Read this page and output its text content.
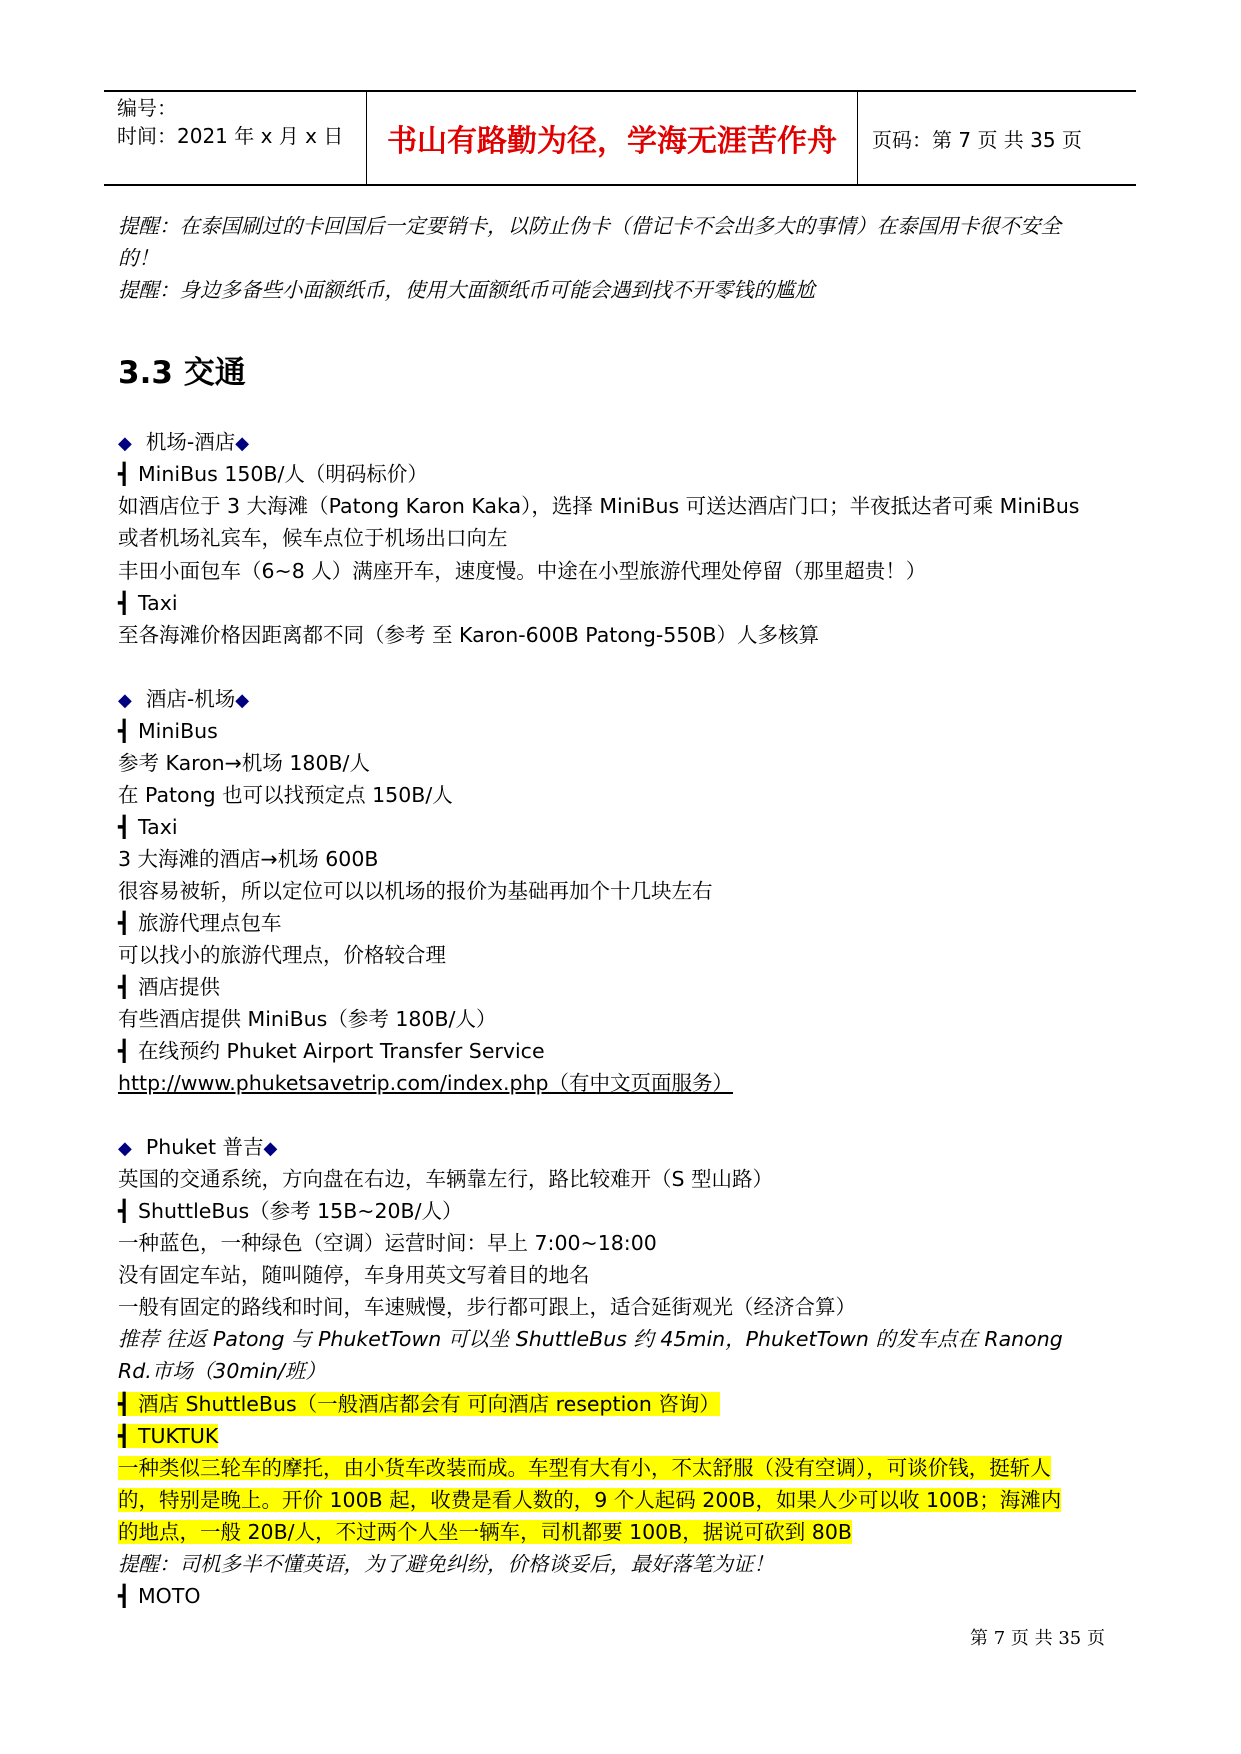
编号：
时间：2021 年 x 月 x 日	书山有路勤为径，学海无涯苦作舟	页码：第 7 页 共 35 页
提醒：在泰国刷过的卡回国后一定要销卡，以防止伪卡（借记卡不会出多大的事情）在泰国用卡很不安全
的！
提醒：身边多备些小面额纸币，使用大面额纸币可能会遇到找不开零钱的尴尬
3.3 交通
◆ 机场-酒店◆
┫ MiniBus 150B/人（明码标价）
如酒店位于 3 大海滩（Patong Karon Kaka），选择 MiniBus 可送达酒店门口；半夜抵达者可乘 MiniBus
或者机场礼宾车，候车点位于机场出口向左
丰田小面包车（6~8 人）满座开车，速度慢。中途在小型旅游代理处停留（那里超贵！）
┫ Taxi
至各海滩价格因距离都不同（参考 至 Karon-600B Patong-550B）人多核算
◆ 酒店-机场◆
┫ MiniBus
参考 Karon→机场 180B/人
在 Patong 也可以找预定点 150B/人
┫ Taxi
3 大海滩的酒店→机场 600B
很容易被斩，所以定位可以以机场的报价为基础再加个十几块左右
┫ 旅游代理点包车
可以找小的旅游代理点，价格较合理
┫ 酒店提供
有些酒店提供 MiniBus（参考 180B/人）
┫ 在线预约 Phuket Airport Transfer Service
http://www.phuketsavetrip.com/index.php（有中文页面服务）
◆ Phuket 普吉◆
英国的交通系统，方向盘在右边，车辆靠左行，路比较难开（S 型山路）
┫ ShuttleBus（参考 15B~20B/人）
一种蓝色，一种绿色（空调）运营时间：早上 7:00~18:00
没有固定车站，随叫随停，车身用英文写着目的地名
一般有固定的路线和时间，车速贼慢，步行都可跟上，适合延街观光（经济合算）
推荐 往返 Patong 与 PhuketTown 可以坐 ShuttleBus 约 45min，PhuketTown 的发车点在 Ranong
Rd.市场（30min/班）
┫ 酒店 ShuttleBus（一般酒店都会有 可向酒店 reseption 咨询）
┫ TUKTUK
一种类似三轮车的摩托，由小货车改装而成。车型有大有小，不太舒服（没有空调），可谈价钱，挺斩人
的，特别是晚上。开价 100B 起，收费是看人数的，9 个人起码 200B，如果人少可以收 100B；海滩内
的地点，一般 20B/人，不过两个人坐一辆车，司机都要 100B，据说可砍到 80B
提醒：司机多半不懂英语，为了避免纠纷，价格谈妥后，最好落笔为证！
┫ MOTO
第 7 页 共 35 页
